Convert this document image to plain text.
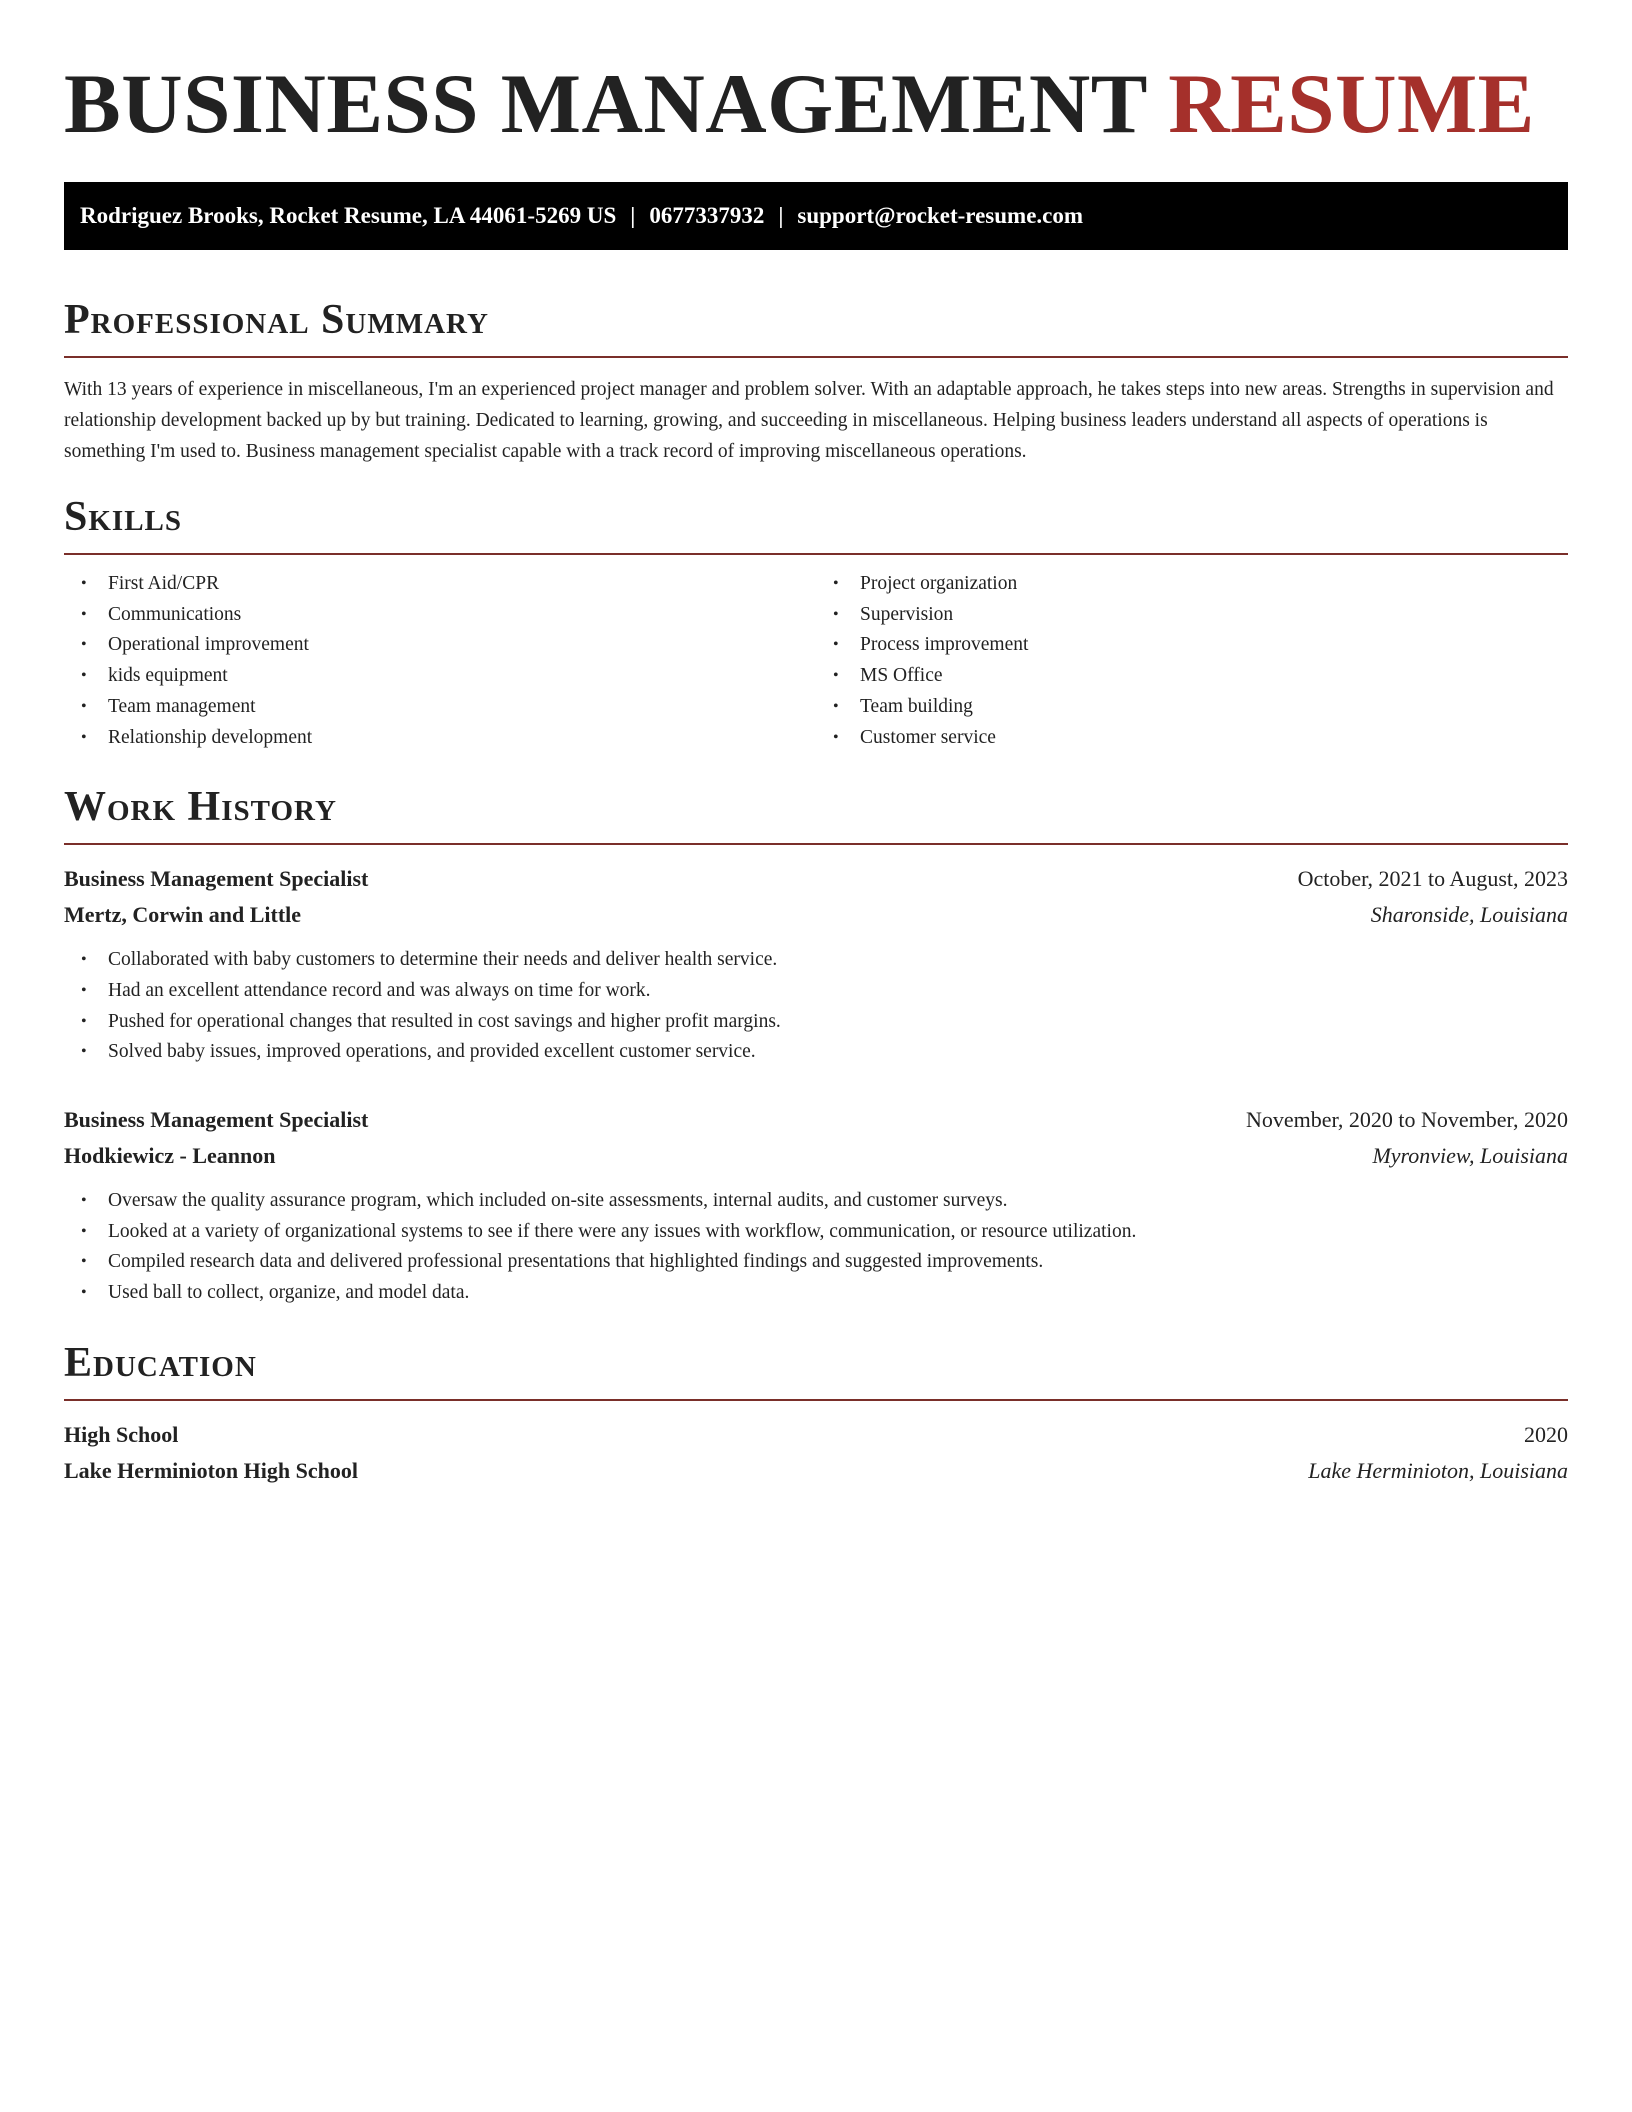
BUSINESS MANAGEMENT RESUME
Rodriguez Brooks, Rocket Resume, LA 44061-5269 US | 0677337932 | support@rocket-resume.com
Professional Summary

With 13 years of experience in miscellaneous, I'm an experienced project manager and problem solver. With an adaptable approach, he takes steps into new areas. Strengths in supervision and relationship development backed up by but training. Dedicated to learning, growing, and succeeding in miscellaneous. Helping business leaders understand all aspects of operations is something I'm used to. Business management specialist capable with a track record of improving miscellaneous operations.

Skills
• First Aid/CPR
• Communications
• Operational improvement
• kids equipment
• Team management
• Relationship development
• Project organization
• Supervision
• Process improvement
• MS Office
• Team building
• Customer service
Work History
Business Management Specialist	October, 2021 to August, 2023
Mertz, Corwin and Little	Sharonside, Louisiana
• Collaborated with baby customers to determine their needs and deliver health service.
• Had an excellent attendance record and was always on time for work.
• Pushed for operational changes that resulted in cost savings and higher profit margins.
• Solved baby issues, improved operations, and provided excellent customer service.
Business Management Specialist	November, 2020 to November, 2020
Hodkiewicz - Leannon	Myronview, Louisiana
• Oversaw the quality assurance program, which included on-site assessments, internal audits, and customer surveys.
• Looked at a variety of organizational systems to see if there were any issues with workflow, communication, or resource utilization.
• Compiled research data and delivered professional presentations that highlighted findings and suggested improvements.
• Used ball to collect, organize, and model data.
Education
High School	2020
Lake Herminioton High School	Lake Herminioton, Louisiana
